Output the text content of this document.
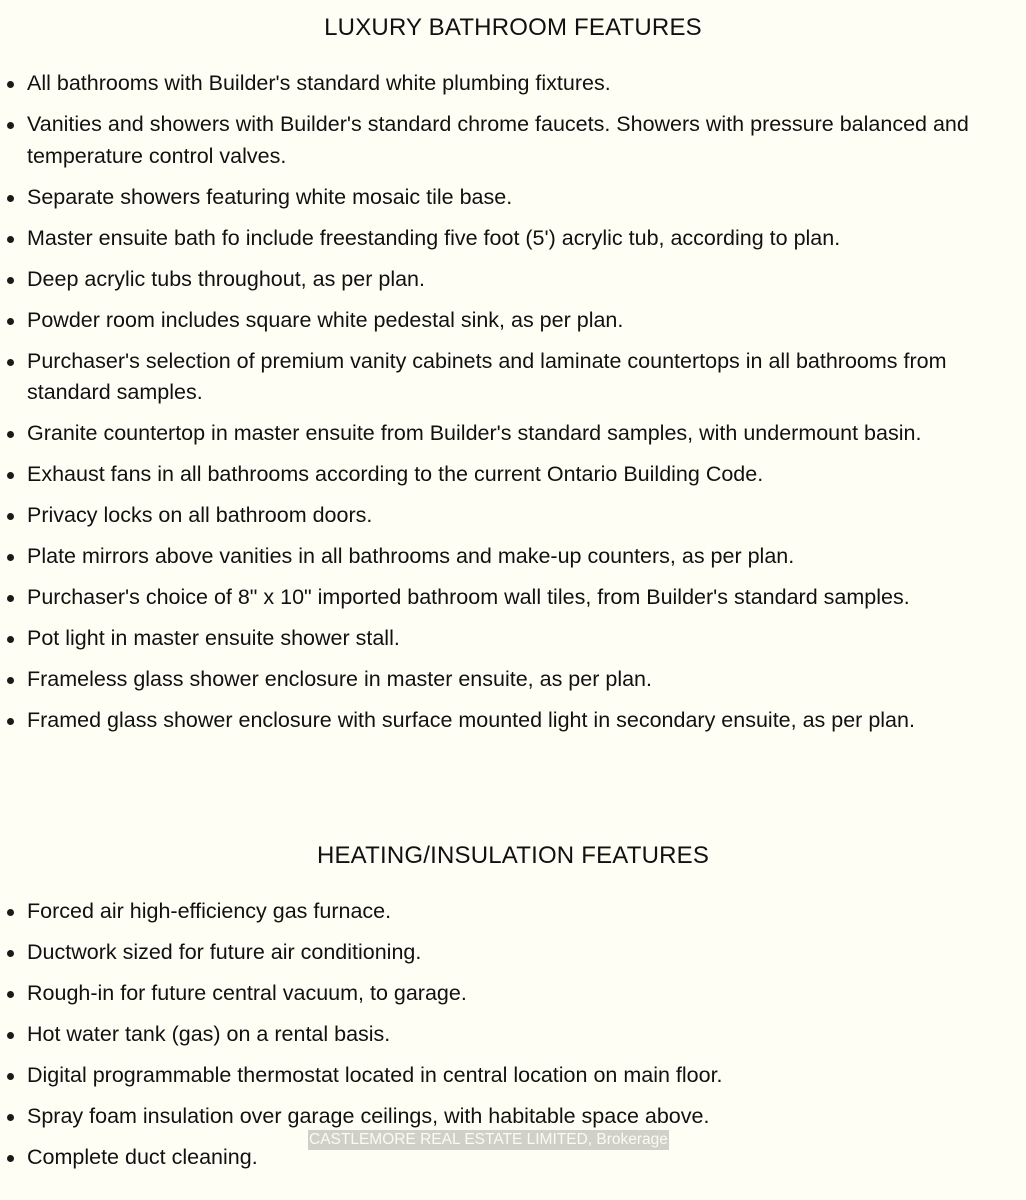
LUXURY BATHROOM FEATURES
All bathrooms with Builder's standard white plumbing fixtures.
Vanities and showers with Builder's standard chrome faucets. Showers with pressure balanced and temperature control valves.
Separate showers featuring white mosaic tile base.
Master ensuite bath fo include freestanding five foot (5') acrylic tub, according to plan.
Deep acrylic tubs throughout, as per plan.
Powder room includes square white pedestal sink, as per plan.
Purchaser's selection of premium vanity cabinets and laminate countertops in all bathrooms from standard samples.
Granite countertop in master ensuite from Builder's standard samples, with undermount basin.
Exhaust fans in all bathrooms according to the current Ontario Building Code.
Privacy locks on all bathroom doors.
Plate mirrors above vanities in all bathrooms and make-up counters, as per plan.
Purchaser's choice of 8" x 10" imported bathroom wall tiles, from Builder's standard samples.
Pot light in master ensuite shower stall.
Frameless glass shower enclosure in master ensuite, as per plan.
Framed glass shower enclosure with surface mounted light in secondary ensuite, as per plan.
HEATING/INSULATION FEATURES
Forced air high-efficiency gas furnace.
Ductwork sized for future air conditioning.
Rough-in for future central vacuum, to garage.
Hot water tank (gas) on a rental basis.
Digital programmable thermostat located in central location on main floor.
Spray foam insulation over garage ceilings, with habitable space above.
Complete duct cleaning.
CASTLEMORE REAL ESTATE LIMITED, Brokerage
